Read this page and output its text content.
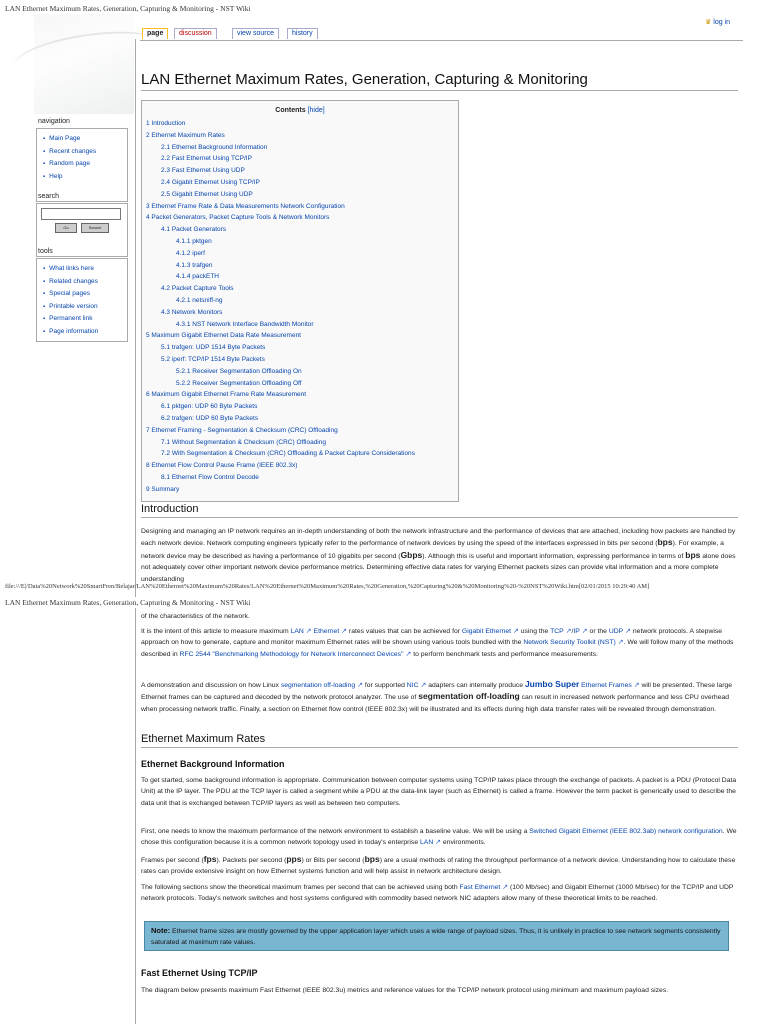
LAN Ethernet Maximum Rates, Generation, Capturing & Monitoring - NST Wiki
page	discussion	view source	history
♛ log in
navigation
▪ Main Page
▪ Recent changes
▪ Random page
▪ Help
search
Go	Search
tools
▪ What links here
▪ Related changes
▪ Special pages
▪ Printable version
▪ Permanent link
▪ Page information
LAN Ethernet Maximum Rates, Generation, Capturing & Monitoring
Contents [hide]
1 Introduction
2 Ethernet Maximum Rates
2.1 Ethernet Background Information
2.2 Fast Ethernet Using TCP/IP
2.3 Fast Ethernet Using UDP
2.4 Gigabit Ethernet Using TCP/IP
2.5 Gigabit Ethernet Using UDP
3 Ethernet Frame Rate & Data Measurements Network Configuration
4 Packet Generators, Packet Capture Tools & Network Monitors
4.1 Packet Generators
4.1.1 pktgen
4.1.2 iperf
4.1.3 trafgen
4.1.4 packETH
4.2 Packet Capture Tools
4.2.1 netsniff-ng
4.3 Network Monitors
4.3.1 NST Network Interface Bandwidth Monitor
5 Maximum Gigabit Ethernet Data Rate Measurement
5.1 trafgen: UDP 1514 Byte Packets
5.2 iperf: TCP/IP 1514 Byte Packets
5.2.1 Receiver Segmentation Offloading On
5.2.2 Receiver Segmentation Offloading Off
6 Maximum Gigabit Ethernet Frame Rate Measurement
6.1 pktgen: UDP 60 Byte Packets
6.2 trafgen: UDP 60 Byte Packets
7 Ethernet Framing - Segmentation & Checksum (CRC) Offloading
7.1 Without Segmentation & Checksum (CRC) Offloading
7.2 With Segmentation & Checksum (CRC) Offloading & Packet Capture Considerations
8 Ethernet Flow Control Pause Frame (IEEE 802.3x)
8.1 Ethernet Flow Control Decode
9 Summary
Introduction
Designing and managing an IP network requires an in-depth understanding of both the network infrastructure and the performance of devices that are attached, including how packets are handled by each network device. Network computing engineers typically refer to the performance of network devices by using the speed of the interfaces expressed in bits per second (bps). For example, a network device may be described as having a performance of 10 gigabits per second (Gbps). Although this is useful and important information, expressing performance in terms of bps alone does not adequately cover other important network device performance metrics. Determining effective data rates for varying Ethernet packets sizes can provide vital information and a more complete understanding
file:///E|/Data%20Network%20SmartFren/Belajar/LAN%20Ethernet%20Maximum%20Rates/LAN%20Ethernet%20Maximum%20Rates,%20Generation,%20Capturing%20&%20Monitoring%20-%20NST%20Wiki.htm[02/01/2015 10:29:40 AM]
LAN Ethernet Maximum Rates, Generation, Capturing & Monitoring - NST Wiki
of the characteristics of the network.
It is the intent of this article to measure maximum LAN ↗ Ethernet ↗ rates values that can be achieved for Gigabit Ethernet ↗ using the TCP ↗ /IP ↗ or the UDP ↗ network protocols. A stepwise approach on how to generate, capture and monitor maximum Ethernet rates will be shown using various tools bundled with the Network Security Toolkit (NST) ↗ . We will follow many of the methods described in RFC 2544 "Benchmarking Methodology for Network Interconnect Devices" ↗ to perform benchmark tests and performance measurements.
A demonstration and discussion on how Linux segmentation off-loading ↗ for supported NIC ↗ adapters can internally produce Jumbo Super Ethernet Frames ↗ will be presented. These large Ethernet frames can be captured and decoded by the network protocol analyzer. The use of segmentation off-loading can result in increased network performance and less CPU overhead when processing network traffic. Finally, a section on Ethernet flow control (IEEE 802.3x) will be illustrated and its effects during high data transfer rates will be revealed through demonstration.
Ethernet Maximum Rates
Ethernet Background Information
To get started, some background information is appropriate. Communication between computer systems using TCP/IP takes place through the exchange of packets. A packet is a PDU (Protocol Data Unit) at the IP layer. The PDU at the TCP layer is called a segment while a PDU at the data-link layer (such as Ethernet) is called a frame. However the term packet is generically used to describe the data unit that is exchanged between TCP/IP layers as well as between two computers.
First, one needs to know the maximum performance of the network environment to establish a baseline value. We will be using a Switched Gigabit Ethernet (IEEE 802.3ab) network configuration. We chose this configuration because it is a common network topology used in today's enterprise LAN ↗ environments.
Frames per second (fps). Packets per second (pps) or Bits per second (bps) are a usual methods of rating the throughput performance of a network device. Understanding how to calculate these rates can provide extensive insight on how Ethernet systems function and will help assist in network architecture design.
The following sections show the theoretical maximum frames per second that can be achieved using both Fast Ethernet ↗ (100 Mb/sec) and Gigabit Ethernet (1000 Mb/sec) for the TCP/IP and UDP network protocols. Today's network switches and host systems configured with commodity based network NIC adapters allow many of these theoretical limits to be reached.
Note: Ethernet frame sizes are mostly governed by the upper application layer which uses a wide range of payload sizes. Thus, it is unlikely in practice to see network segments consistently saturated at maximum rate values.
Fast Ethernet Using TCP/IP
The diagram below presents maximum Fast Ethernet (IEEE 802.3u) metrics and reference values for the TCP/IP network protocol using minimum and maximum payload sizes.
